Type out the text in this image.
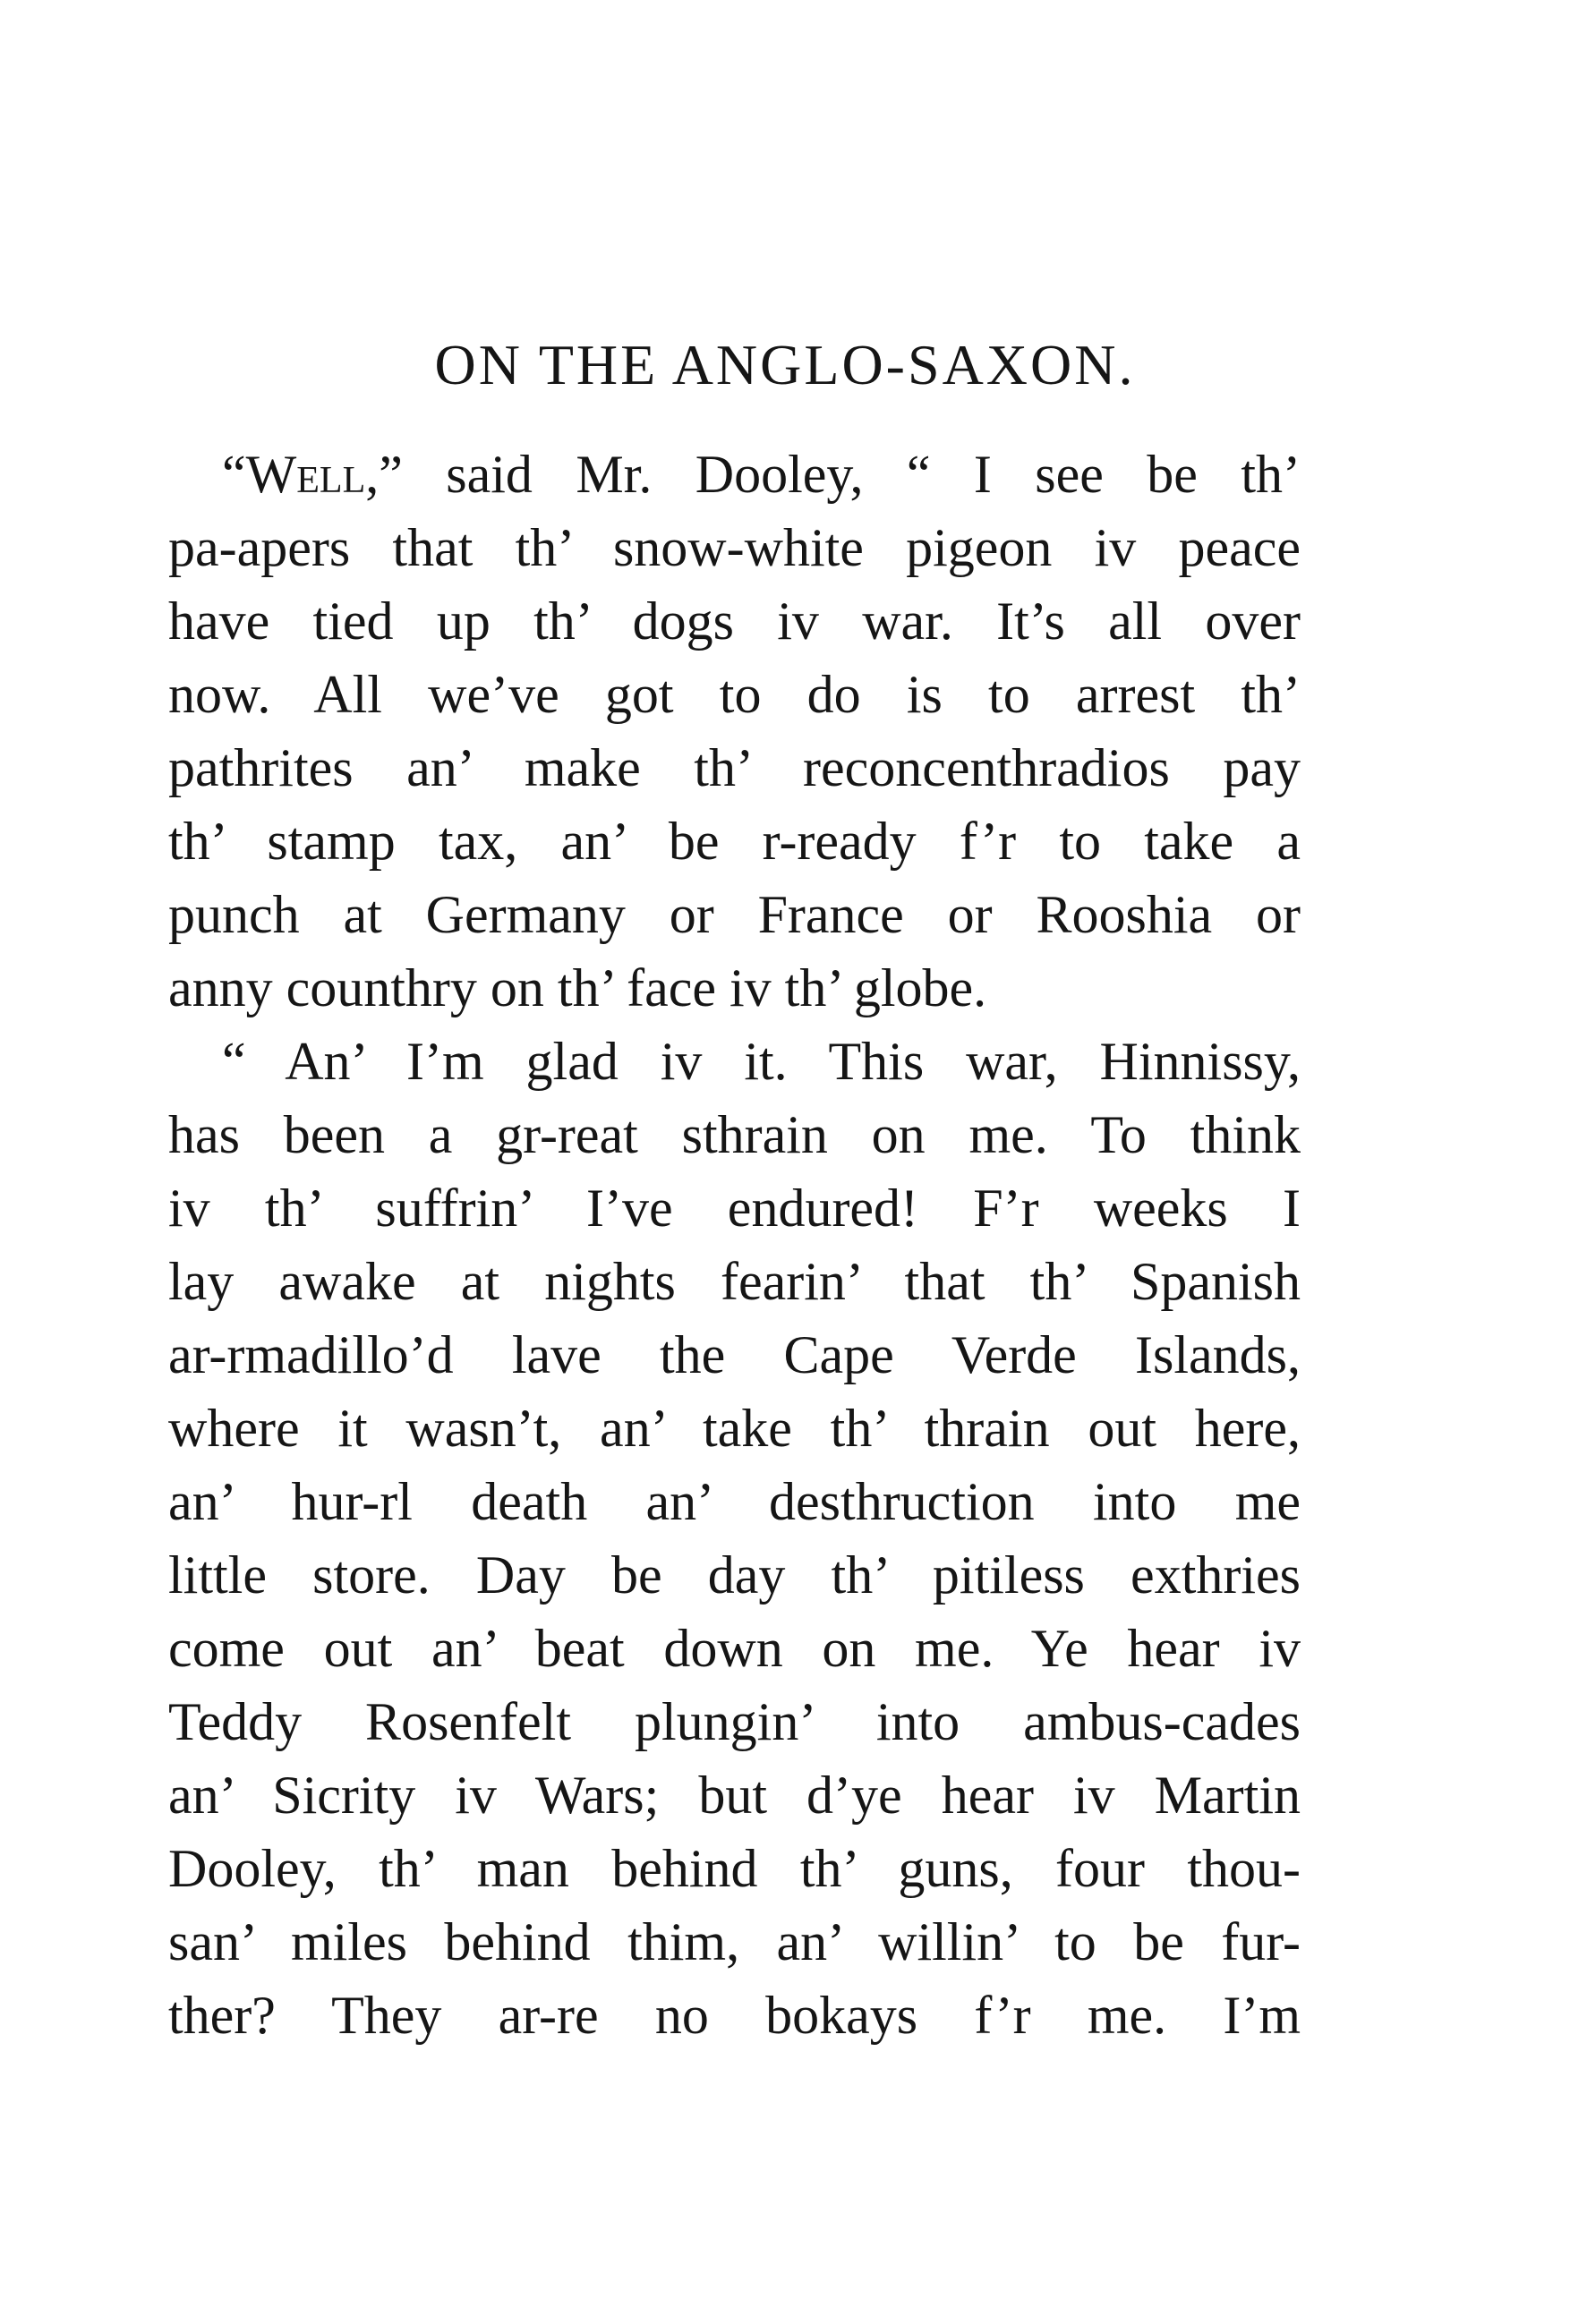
ON THE ANGLO-SAXON.
“Well,” said Mr. Dooley, “ I see be th’
pa-apers that th’ snow-white pigeon iv peace
have tied up th’ dogs iv war. It’s all over
now. All we’ve got to do is to arrest th’
pathrites an’ make th’ reconcenthradios pay
th’ stamp tax, an’ be r-ready f’r to take a
punch at Germany or France or Rooshia or
anny counthry on th’ face iv th’ globe.
“ An’ I’m glad iv it. This war, Hinnissy,
has been a gr-reat sthrain on me. To think
iv th’ suffrin’ I’ve endured! F’r weeks I
lay awake at nights fearin’ that th’ Spanish
ar-rmadillo’d lave the Cape Verde Islands,
where it wasn’t, an’ take th’ thrain out here,
an’ hur-rl death an’ desthruction into me
little store. Day be day th’ pitiless exthries
come out an’ beat down on me. Ye hear iv
Teddy Rosenfelt plungin’ into ambus-cades
an’ Sicrity iv Wars; but d’ye hear iv Martin
Dooley, th’ man behind th’ guns, four thou-
san’ miles behind thim, an’ willin’ to be fur-
ther? They ar-re no bokays f’r me. I’m
